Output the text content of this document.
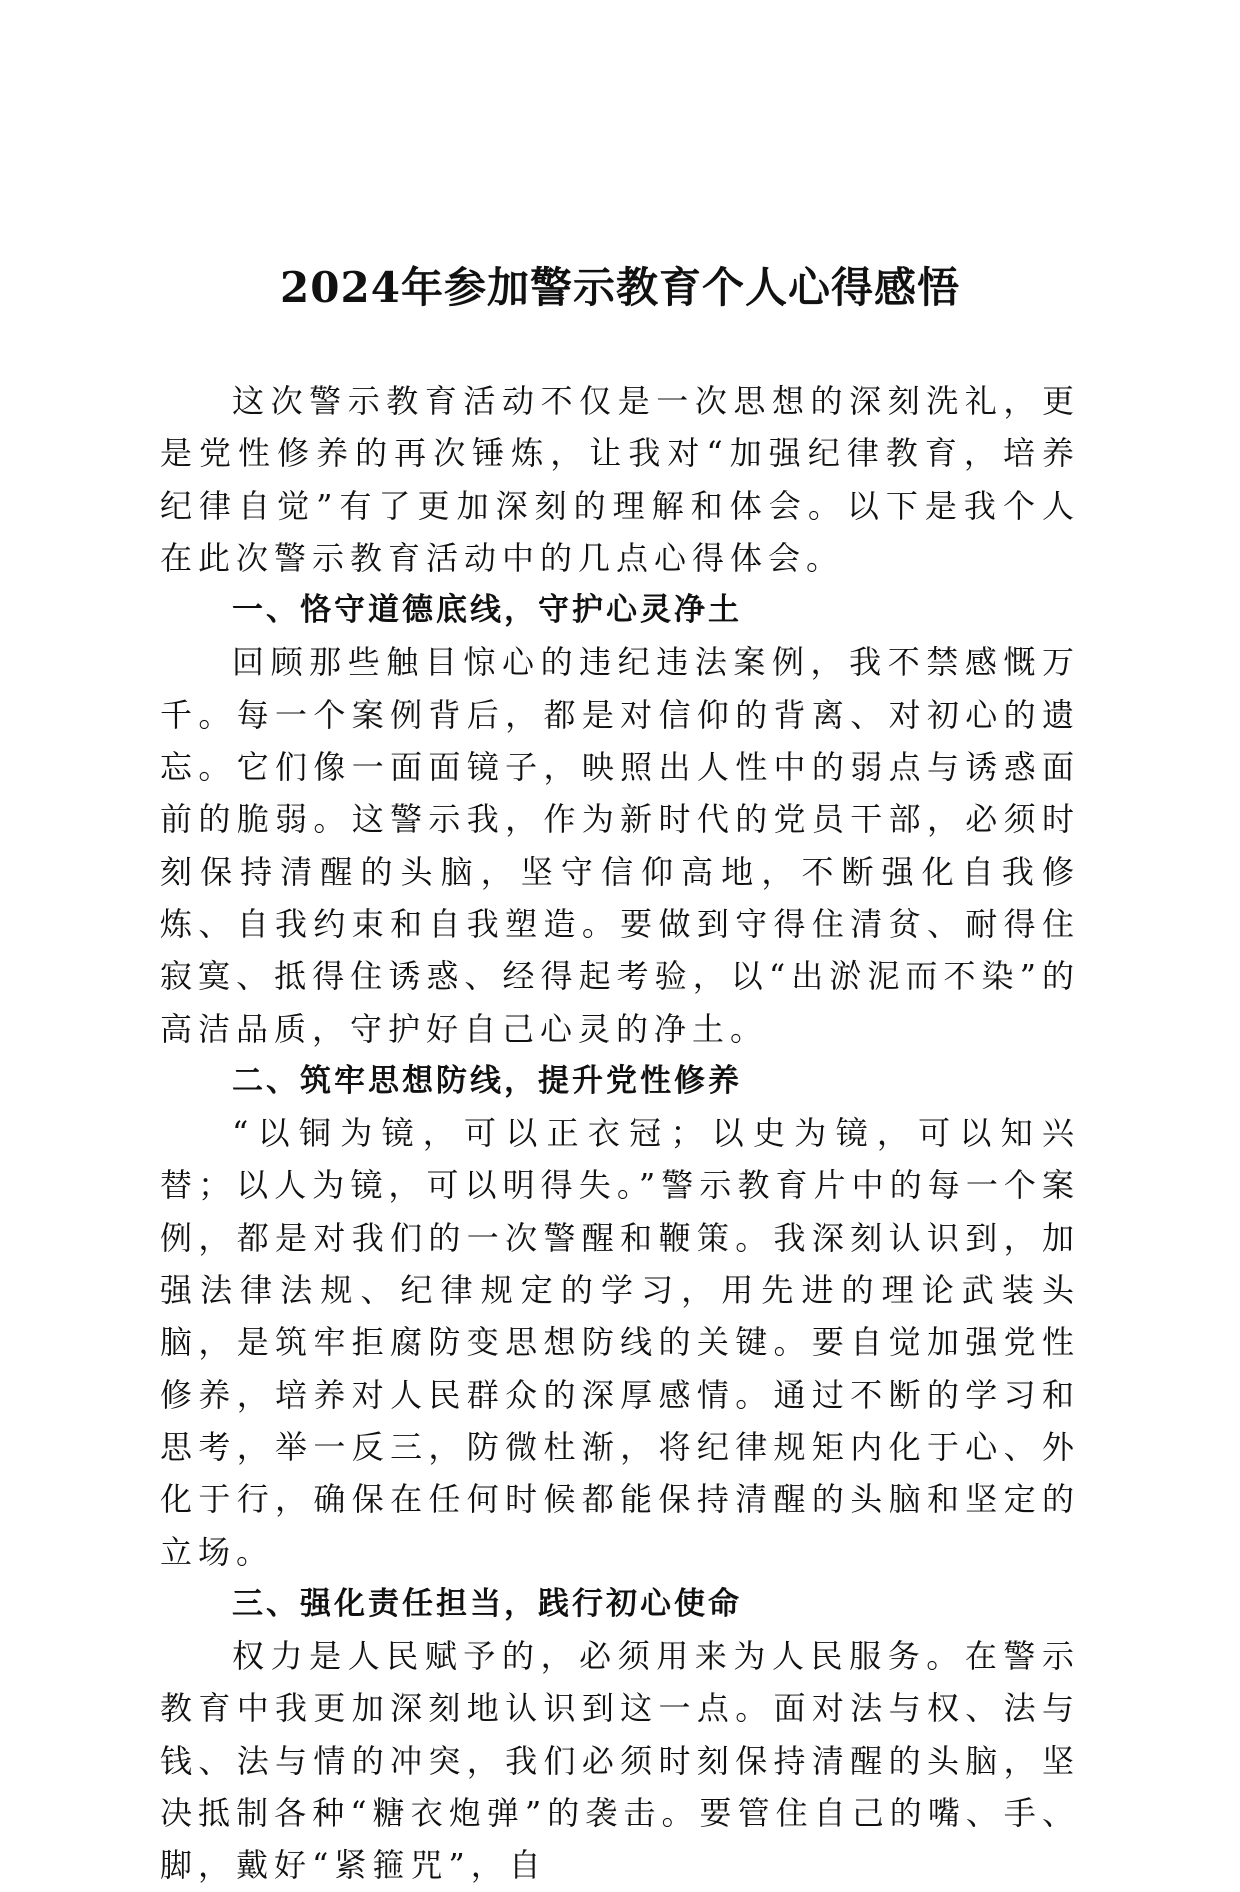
2024年参加警示教育个人心得感悟

这次警示教育活动不仅是一次思想的深刻洗礼，更是党性修养的再次锤炼，让我对“加强纪律教育，培养纪律自觉”有了更加深刻的理解和体会。以下是我个人在此次警示教育活动中的几点心得体会。

一、恪守道德底线，守护心灵净土

回顾那些触目惊心的违纪违法案例，我不禁感慨万千。每一个案例背后，都是对信仰的背离、对初心的遗忘。它们像一面面镜子，映照出人性中的弱点与诱惑面前的脆弱。这警示我，作为新时代的党员干部，必须时刻保持清醒的头脑，坚守信仰高地，不断强化自我修炼、自我约束和自我塑造。要做到守得住清贫、耐得住寂寞、抵得住诱惑、经得起考验，以“出淤泥而不染”的高洁品质，守护好自己心灵的净土。

二、筑牢思想防线，提升党性修养

“以铜为镜，可以正衣冠；以史为镜，可以知兴替；以人为镜，可以明得失。”警示教育片中的每一个案例，都是对我们的一次警醒和鞭策。我深刻认识到，加强法律法规、纪律规定的学习，用先进的理论武装头脑，是筑牢拒腐防变思想防线的关键。要自觉加强党性修养，培养对人民群众的深厚感情。通过不断的学习和思考，举一反三，防微杜渐，将纪律规矩内化于心、外化于行，确保在任何时候都能保持清醒的头脑和坚定的立场。

三、强化责任担当，践行初心使命

权力是人民赋予的，必须用来为人民服务。在警示教育中我更加深刻地认识到这一点。面对法与权、法与钱、法与情的冲突，我们必须时刻保持清醒的头脑，坚决抵制各种“糖衣炮弹”的袭击。要管住自己的嘴、手、脚，戴好“紧箍咒”，自
